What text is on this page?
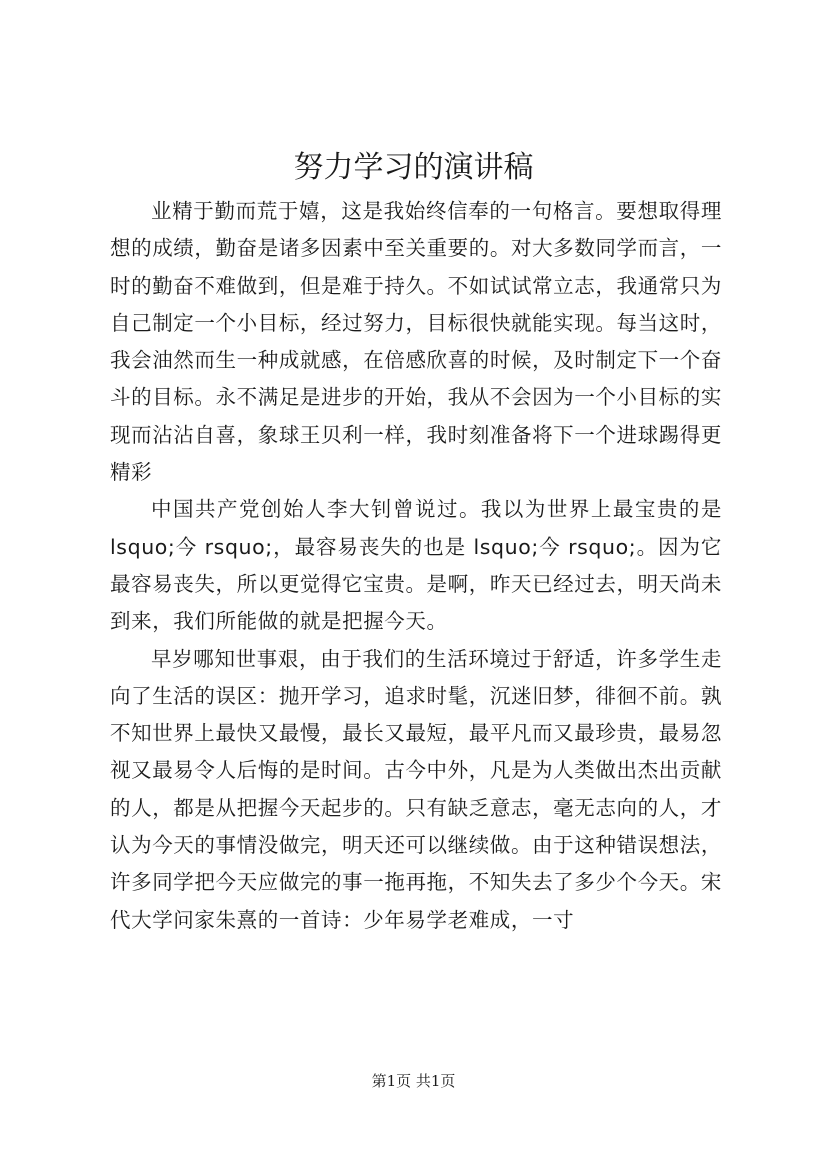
努力学习的演讲稿

业精于勤而荒于嬉，这是我始终信奉的一句格言。要想取得理想的成绩，勤奋是诸多因素中至关重要的。对大多数同学而言，一时的勤奋不难做到，但是难于持久。不如试试常立志，我通常只为自己制定一个小目标，经过努力，目标很快就能实现。每当这时，我会油然而生一种成就感，在倍感欣喜的时候，及时制定下一个奋斗的目标。永不满足是进步的开始，我从不会因为一个小目标的实现而沾沾自喜，象球王贝利一样，我时刻准备将下一个进球踢得更精彩

中国共产党创始人李大钊曾说过。我以为世界上最宝贵的是lsquo;今 rsquo;，最容易丧失的也是 lsquo;今 rsquo;。因为它最容易丧失，所以更觉得它宝贵。是啊，昨天已经过去，明天尚未到来，我们所能做的就是把握今天。

早岁哪知世事艰，由于我们的生活环境过于舒适，许多学生走向了生活的误区：抛开学习，追求时髦，沉迷旧梦，徘徊不前。孰不知世界上最快又最慢，最长又最短，最平凡而又最珍贵，最易忽视又最易令人后悔的是时间。古今中外，凡是为人类做出杰出贡献的人，都是从把握今天起步的。只有缺乏意志，毫无志向的人，才认为今天的事情没做完，明天还可以继续做。由于这种错误想法，许多同学把今天应做完的事一拖再拖，不知失去了多少个今天。宋代大学问家朱熹的一首诗：少年易学老难成，一寸

第1页 共1页
